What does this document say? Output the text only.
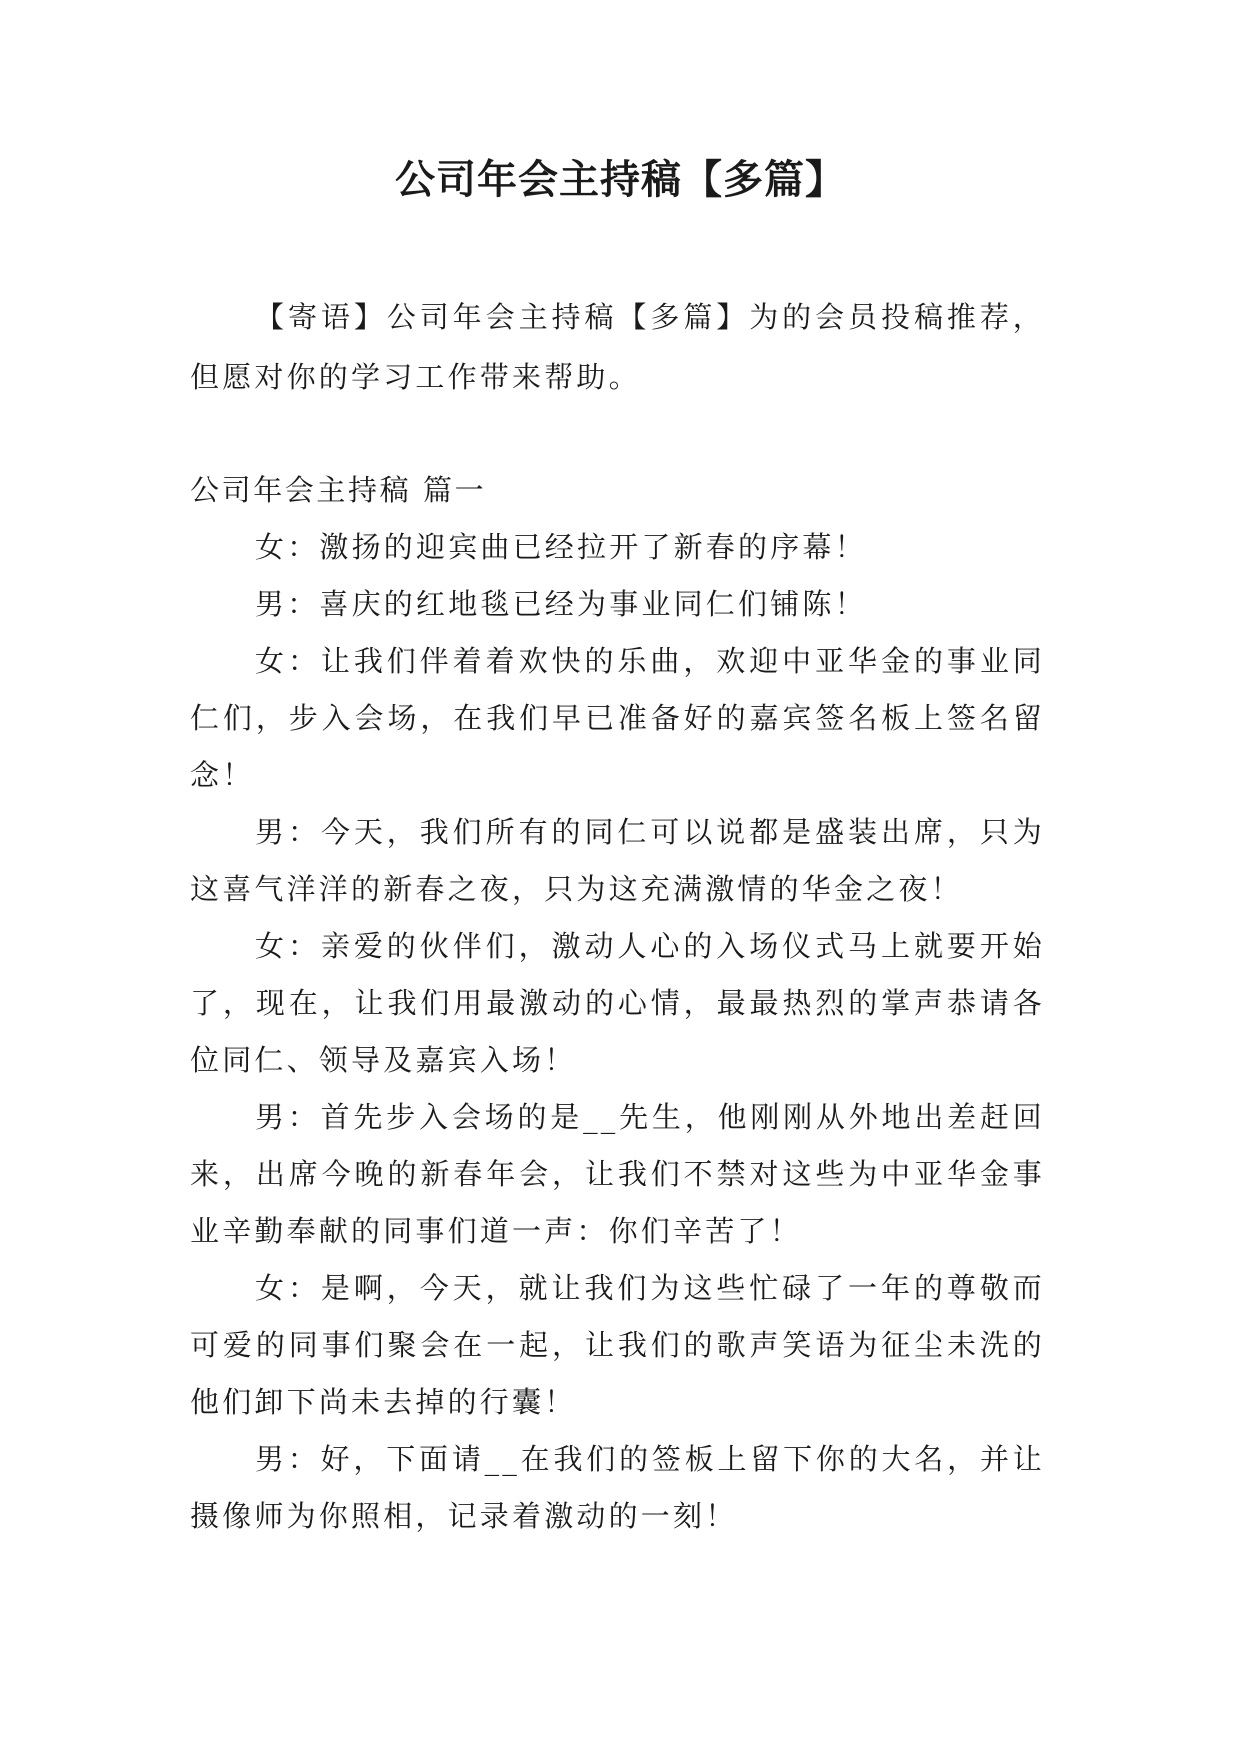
公司年会主持稿【多篇】

【寄语】公司年会主持稿【多篇】为的会员投稿推荐，但愿对你的学习工作带来帮助。

公司年会主持稿 篇一

女：激扬的迎宾曲已经拉开了新春的序幕！

男：喜庆的红地毯已经为事业同仁们铺陈！

女：让我们伴着着欢快的乐曲，欢迎中亚华金的事业同仁们，步入会场，在我们早已准备好的嘉宾签名板上签名留念！

男：今天，我们所有的同仁可以说都是盛装出席，只为这喜气洋洋的新春之夜，只为这充满激情的华金之夜！

女：亲爱的伙伴们，激动人心的入场仪式马上就要开始了，现在，让我们用最激动的心情，最最热烈的掌声恭请各位同仁、领导及嘉宾入场！

男：首先步入会场的是__先生，他刚刚从外地出差赶回来，出席今晚的新春年会，让我们不禁对这些为中亚华金事业辛勤奉献的同事们道一声：你们辛苦了！

女：是啊，今天，就让我们为这些忙碌了一年的尊敬而可爱的同事们聚会在一起，让我们的歌声笑语为征尘未洗的他们卸下尚未去掉的行囊！

男：好，下面请__在我们的签板上留下你的大名，并让摄像师为你照相，记录着激动的一刻！
